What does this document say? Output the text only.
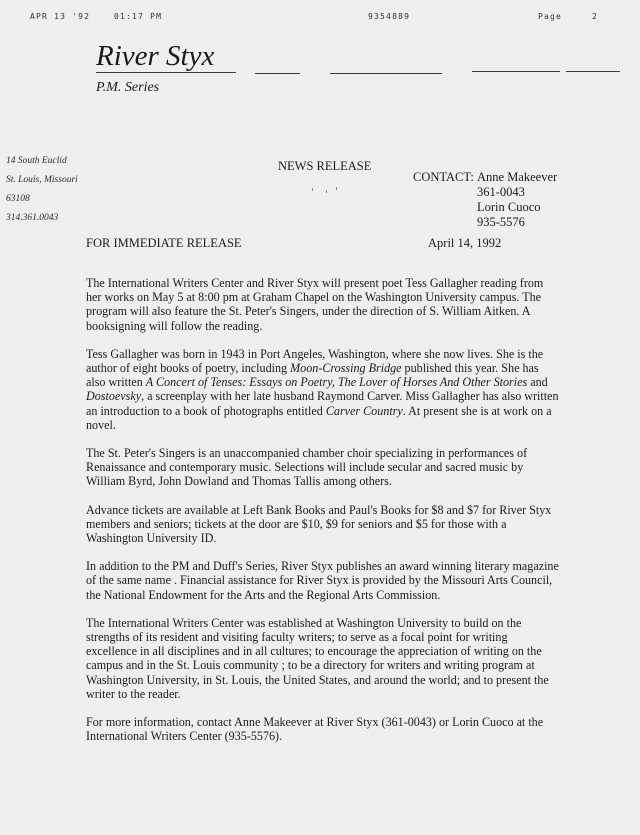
APR 13 '92	01:17 PM	9354889	Page	2
River Styx
P.M. Series
14 South Euclid
St. Louis, Missouri
63108
314.361.0043
NEWS RELEASE
CONTACT: Anne Makeever
361-0043
Lorin Cuoco
935-5576
FOR IMMEDIATE RELEASE	April 14, 1992

The International Writers Center and River Styx will present poet Tess Gallagher reading from her works on May 5 at 8:00 pm at Graham Chapel on the Washington University campus. The program will also feature the St. Peter's Singers, under the direction of S. William Aitken. A booksigning will follow the reading.

Tess Gallagher was born in 1943 in Port Angeles, Washington, where she now lives. She is the author of eight books of poetry, including Moon-Crossing Bridge published this year. She has also written A Concert of Tenses: Essays on Poetry, The Lover of Horses And Other Stories and Dostoevsky, a screenplay with her late husband Raymond Carver. Miss Gallagher has also written an introduction to a book of photographs entitled Carver Country. At present she is at work on a novel.

The St. Peter's Singers is an unaccompanied chamber choir specializing in performances of Renaissance and contemporary music. Selections will include secular and sacred music by William Byrd, John Dowland and Thomas Tallis among others.

Advance tickets are available at Left Bank Books and Paul's Books for $8 and $7 for River Styx members and seniors; tickets at the door are $10, $9 for seniors and $5 for those with a Washington University ID.

In addition to the PM and Duff's Series, River Styx publishes an award winning literary magazine of the same name . Financial assistance for River Styx is provided by the Missouri Arts Council, the National Endowment for the Arts and the Regional Arts Commission.

The International Writers Center was established at Washington University to build on the strengths of its resident and visiting faculty writers; to serve as a focal point for writing excellence in all disciplines and in all cultures; to encourage the appreciation of writing on the campus and in the St. Louis community ; to be a directory for writers and writing program at Washington University, in St. Louis, the United States, and around the world; and to present the writer to the reader.

For more information, contact Anne Makeever at River Styx (361-0043) or Lorin Cuoco at the International Writers Center (935-5576).
